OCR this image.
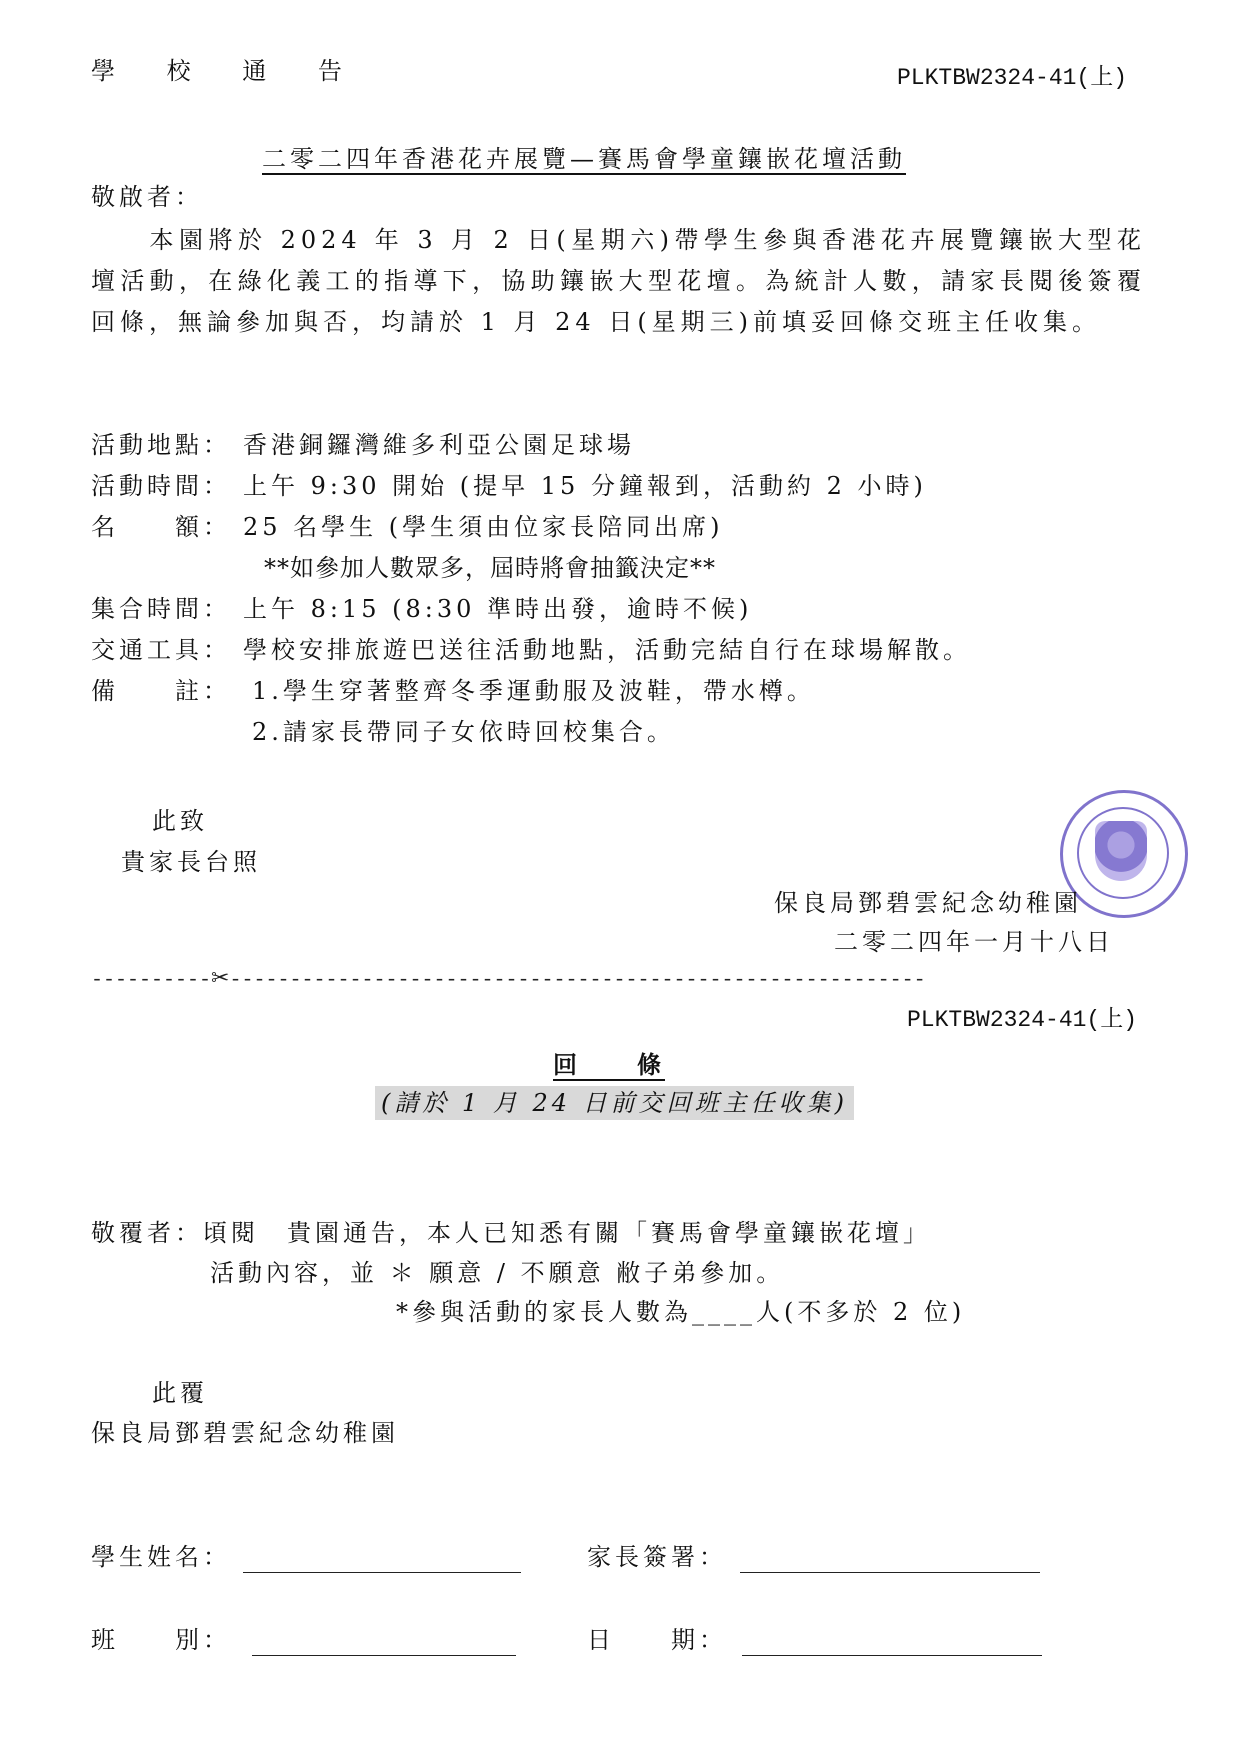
學 校 通 告	PLKTBW2324-41(上)
二零二四年香港花卉展覽—賽馬會學童鑲嵌花壇活動
敬啟者：
本園將於 2024 年 3 月 2 日(星期六)帶學生參與香港花卉展覽鑲嵌大型花壇活動，在綠化義工的指導下，協助鑲嵌大型花壇。為統計人數，請家長閱後簽覆回條，無論參加與否，均請於 1 月 24 日(星期三)前填妥回條交班主任收集。
活動地點： 香港銅鑼灣維多利亞公園足球場
活動時間： 上午 9:30 開始 (提早 15 分鐘報到，活動約 2 小時)
名　　額： 25 名學生 (學生須由位家長陪同出席)
**如參加人數眾多，屆時將會抽籤決定**
集合時間： 上午 8:15 (8:30 準時出發，逾時不候)
交通工具： 學校安排旅遊巴送往活動地點，活動完結自行在球場解散。
備　　註： 1.學生穿著整齊冬季運動服及波鞋，帶水樽。
2.請家長帶同子女依時回校集合。
此致
貴家長台照
保良局鄧碧雲紀念幼稚園
二零二四年一月十八日
----------✂----------------------------------------------------------
PLKTBW2324-41(上)
回　　條
(請於 1 月 24 日前交回班主任收集)
敬覆者：頃閱　貴園通告，本人已知悉有關「賽馬會學童鑲嵌花壇」
活動內容，並 ＊ 願意 / 不願意 敝子弟參加。
*參與活動的家長人數為____人(不多於 2 位)
此覆
保良局鄧碧雲紀念幼稚園
學生姓名：	家長簽署：
班　　別：	日　　期：
